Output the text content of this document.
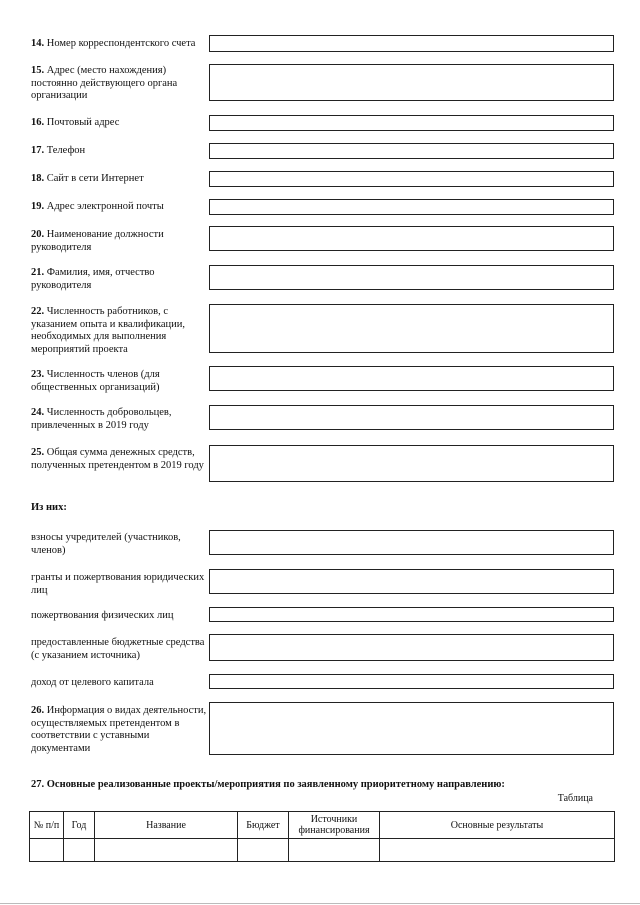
14. Номер корреспондентского счета
15. Адрес (место нахождения) постоянно действующего органа организации
16. Почтовый адрес
17. Телефон
18. Сайт в сети Интернет
19. Адрес электронной почты
20. Наименование должности руководителя
21. Фамилия, имя, отчество руководителя
22. Численность работников, с указанием опыта и квалификации, необходимых для выполнения мероприятий проекта
23. Численность членов (для общественных организаций)
24. Численность добровольцев, привлеченных в 2019 году
25. Общая сумма денежных средств, полученных претендентом в 2019 году
Из них:
взносы учредителей (участников, членов)
гранты и пожертвования юридических лиц
пожертвования физических лиц
предоставленные бюджетные средства (с указанием источника)
доход от целевого капитала
26. Информация о видах деятельности, осуществляемых претендентом в соответствии с уставными документами
27. Основные реализованные проекты/мероприятия по заявленному приоритетному направлению:
Таблица
№ п/п	Год	Название	Бюджет	Источники финансирования	Основные результаты
